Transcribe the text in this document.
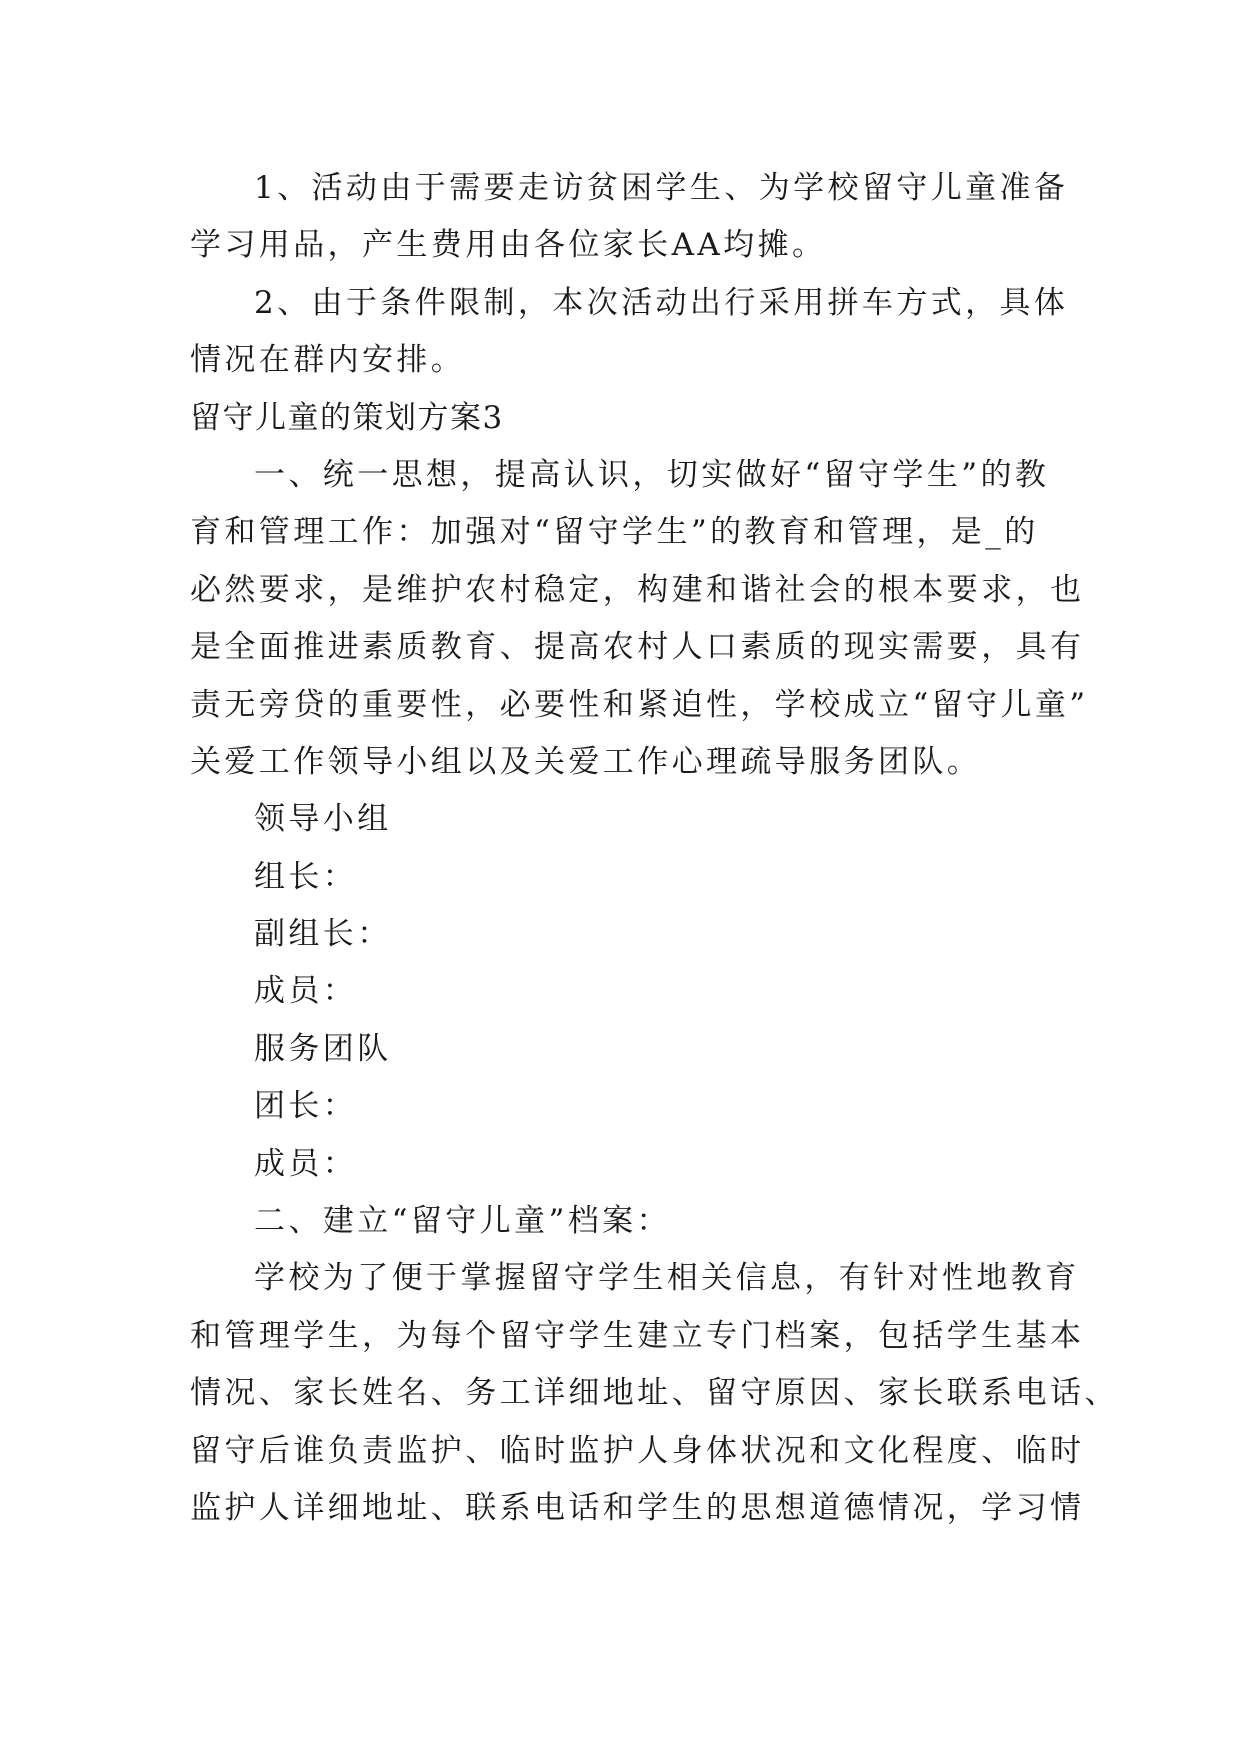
1、活动由于需要走访贫困学生、为学校留守儿童准备
学习用品，产生费用由各位家长AA均摊。
2、由于条件限制，本次活动出行采用拼车方式，具体
情况在群内安排。
留守儿童的策划方案3
一、统一思想，提高认识，切实做好“留守学生”的教
育和管理工作：加强对“留守学生”的教育和管理，是_的
必然要求，是维护农村稳定，构建和谐社会的根本要求，也
是全面推进素质教育、提高农村人口素质的现实需要，具有
责无旁贷的重要性，必要性和紧迫性，学校成立“留守儿童”
关爱工作领导小组以及关爱工作心理疏导服务团队。
领导小组
组长：
副组长：
成员：
服务团队
团长：
成员：
二、建立“留守儿童”档案：
学校为了便于掌握留守学生相关信息，有针对性地教育
和管理学生，为每个留守学生建立专门档案，包括学生基本
情况、家长姓名、务工详细地址、留守原因、家长联系电话、
留守后谁负责监护、临时监护人身体状况和文化程度、临时
监护人详细地址、联系电话和学生的思想道德情况，学习情
